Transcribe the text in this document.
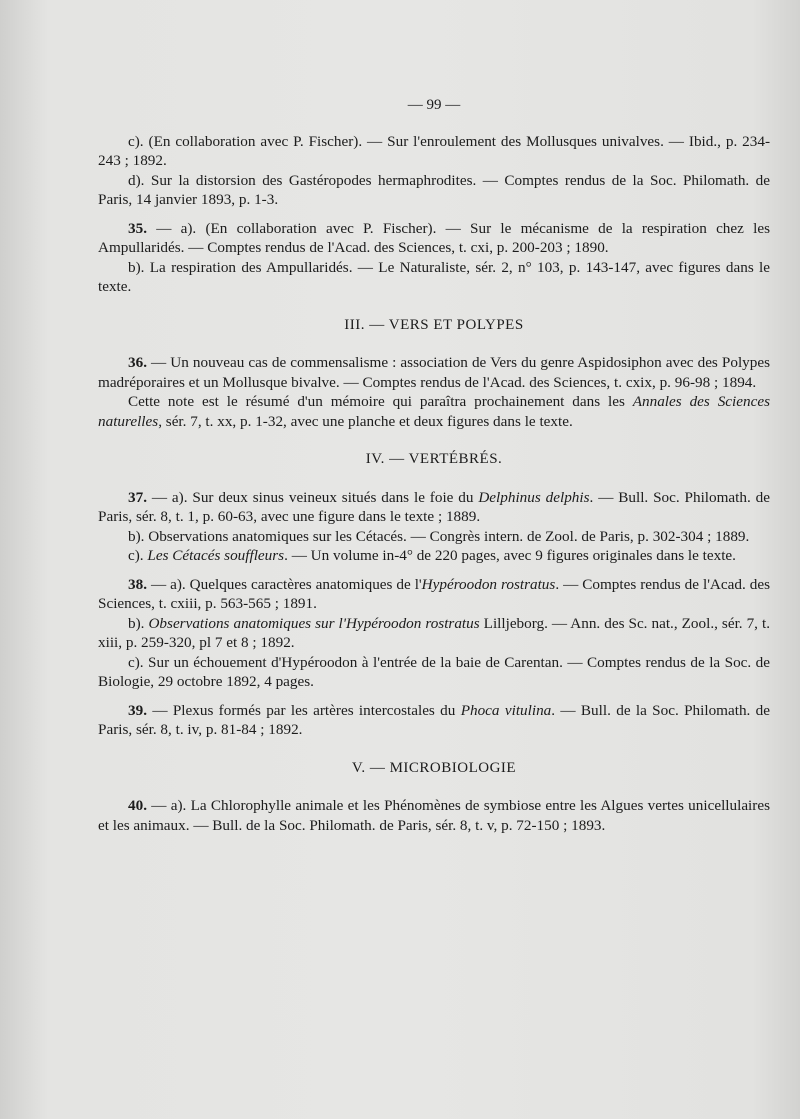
— 99 —

c). (En collaboration avec P. Fischer). — Sur l'enroulement des Mollusques univalves. — Ibid., p. 234-243 ; 1892.

d). Sur la distorsion des Gastéropodes hermaphrodites. — Comptes rendus de la Soc. Philomath. de Paris, 14 janvier 1893, p. 1-3.

35. — a). (En collaboration avec P. Fischer). — Sur le mécanisme de la respiration chez les Ampullaridés. — Comptes rendus de l'Acad. des Sciences, t. cxi, p. 200-203 ; 1890.

b). La respiration des Ampullaridés. — Le Naturaliste, sér. 2, n° 103, p. 143-147, avec figures dans le texte.

III. — VERS ET POLYPES

36. — Un nouveau cas de commensalisme : association de Vers du genre Aspidosiphon avec des Polypes madréporaires et un Mollusque bivalve. — Comptes rendus de l'Acad. des Sciences, t. cxix, p. 96-98 ; 1894.

Cette note est le résumé d'un mémoire qui paraîtra prochainement dans les Annales des Sciences naturelles, sér. 7, t. xx, p. 1-32, avec une planche et deux figures dans le texte.

IV. — VERTÉBRÉS.

37. — a). Sur deux sinus veineux situés dans le foie du Delphinus delphis. — Bull. Soc. Philomath. de Paris, sér. 8, t. 1, p. 60-63, avec une figure dans le texte ; 1889.

b). Observations anatomiques sur les Cétacés. — Congrès intern. de Zool. de Paris, p. 302-304 ; 1889.

c). Les Cétacés souffleurs. — Un volume in-4° de 220 pages, avec 9 figures originales dans le texte.

38. — a). Quelques caractères anatomiques de l'Hypéroodon rostratus. — Comptes rendus de l'Acad. des Sciences, t. cxiii, p. 563-565 ; 1891.

b). Observations anatomiques sur l'Hypéroodon rostratus Lilljeborg. — Ann. des Sc. nat., Zool., sér. 7, t. xiii, p. 259-320, pl 7 et 8 ; 1892.

c). Sur un échouement d'Hypéroodon à l'entrée de la baie de Carentan. — Comptes rendus de la Soc. de Biologie, 29 octobre 1892, 4 pages.

39. — Plexus formés par les artères intercostales du Phoca vitulina. — Bull. de la Soc. Philomath. de Paris, sér. 8, t. iv, p. 81-84 ; 1892.

V. — MICROBIOLOGIE

40. — a). La Chlorophylle animale et les Phénomènes de symbiose entre les Algues vertes unicellulaires et les animaux. — Bull. de la Soc. Philomath. de Paris, sér. 8, t. v, p. 72-150 ; 1893.
